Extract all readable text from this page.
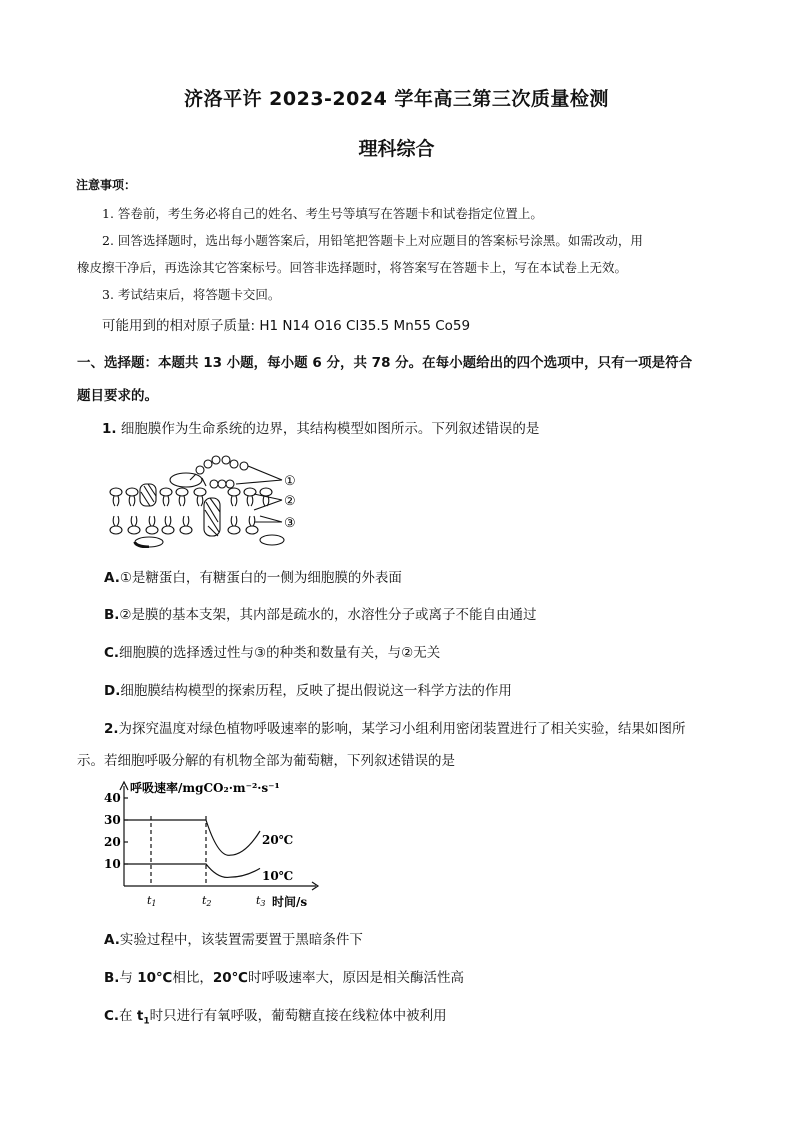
济洛平许 2023-2024 学年高三第三次质量检测
理科综合
注意事项：
1. 答卷前，考生务必将自己的姓名、考生号等填写在答题卡和试卷指定位置上。
2. 回答选择题时，选出每小题答案后，用铅笔把答题卡上对应题目的答案标号涂黑。如需改动，用
橡皮擦干净后，再选涂其它答案标号。回答非选择题时，将答案写在答题卡上，写在本试卷上无效。
3. 考试结束后，将答题卡交回。
可能用到的相对原子质量: H1 N14 O16 Cl35.5 Mn55 Co59
一、选择题：本题共 13 小题，每小题 6 分，共 78 分。在每小题给出的四个选项中，只有一项是符合
题目要求的。
1. 细胞膜作为生命系统的边界，其结构模型如图所示。下列叙述错误的是
①
②
③
A.①是糖蛋白，有糖蛋白的一侧为细胞膜的外表面
B.②是膜的基本支架，其内部是疏水的，水溶性分子或离子不能自由通过
C.细胞膜的选择透过性与③的种类和数量有关，与②无关
D.细胞膜结构模型的探索历程，反映了提出假说这一科学方法的作用
2.为探究温度对绿色植物呼吸速率的影响，某学习小组利用密闭装置进行了相关实验，结果如图所
示。若细胞呼吸分解的有机物全部为葡萄糖，下列叙述错误的是
呼吸速率/mgCO₂·m⁻²·s⁻¹
时间/s
10
20
30
40
t1	t2	t3
20℃
10℃
A.实验过程中，该装置需要置于黑暗条件下
B.与 10℃相比，20℃时呼吸速率大，原因是相关酶活性高
C.在 $t_1$时只进行有氧呼吸，葡萄糖直接在线粒体中被利用
